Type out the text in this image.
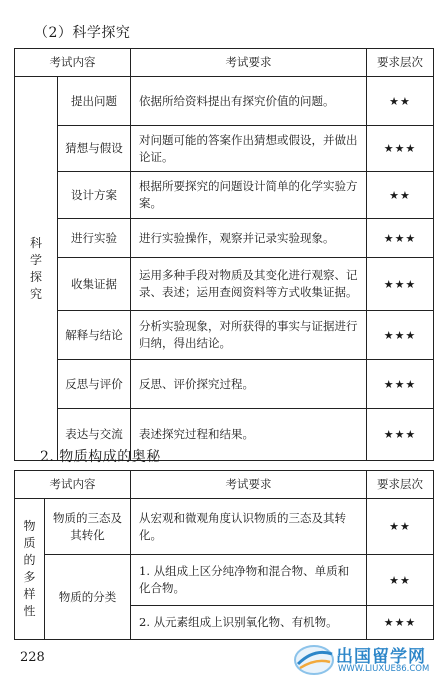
（2）科学探究
考试内容		考试要求	要求层次

科学探究	提出问题	依据所给资料提出有探究价值的问题。	★★
	猜想与假设	对问题可能的答案作出猜想或假设，并做出论证。	★★★
	设计方案	根据所要探究的问题设计简单的化学实验方案。	★★
	进行实验	进行实验操作，观察并记录实验现象。	★★★
	收集证据	运用多种手段对物质及其变化进行观察、记录、表述；运用查阅资料等方式收集证据。	★★★
	解释与结论	分析实验现象，对所获得的事实与证据进行归纳，得出结论。	★★★
	反思与评价	反思、评价探究过程。	★★★
	表达与交流	表述探究过程和结果。	★★★
2. 物质构成的奥秘
考试内容		考试要求	要求层次

物质的多样性	物质的三态及其转化	从宏观和微观角度认识物质的三态及其转化。	★★
	物质的分类	1. 从组成上区分纯净物和混合物、单质和化合物。	★★
		2. 从元素组成上识别氧化物、有机物。	★★★
228	出国留学网
WWW.LIUXUE86.COM
